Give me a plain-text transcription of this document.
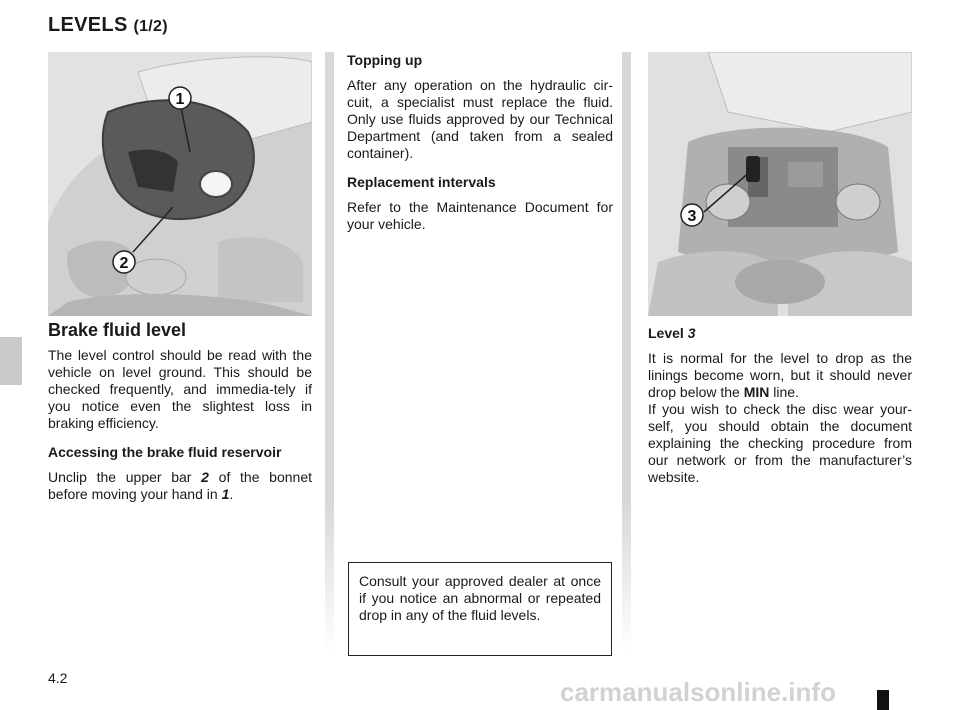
LEVELS (1/2)
1
2
Brake fluid level

The level control should be read with the vehicle on level ground. This should be checked frequently, and immedia-tely if you notice even the slightest loss in braking efficiency.

Accessing the brake fluid reservoir

Unclip the upper bar 2 of the bonnet before moving your hand in 1.

Topping up

After any operation on the hydraulic cir-cuit, a specialist must replace the fluid. Only use fluids approved by our Technical Department (and taken from a sealed container).

Replacement intervals

Refer to the Maintenance Document for your vehicle.

Consult your approved dealer at once if you notice an abnormal or repeated drop in any of the fluid levels.
3

Level 3

It is normal for the level to drop as the linings become worn, but it should never drop below the MIN line.

If you wish to check the disc wear your-self, you should obtain the document explaining the checking procedure from our network or from the manufacturer’s website.

4.2	carmanualsonline.info
